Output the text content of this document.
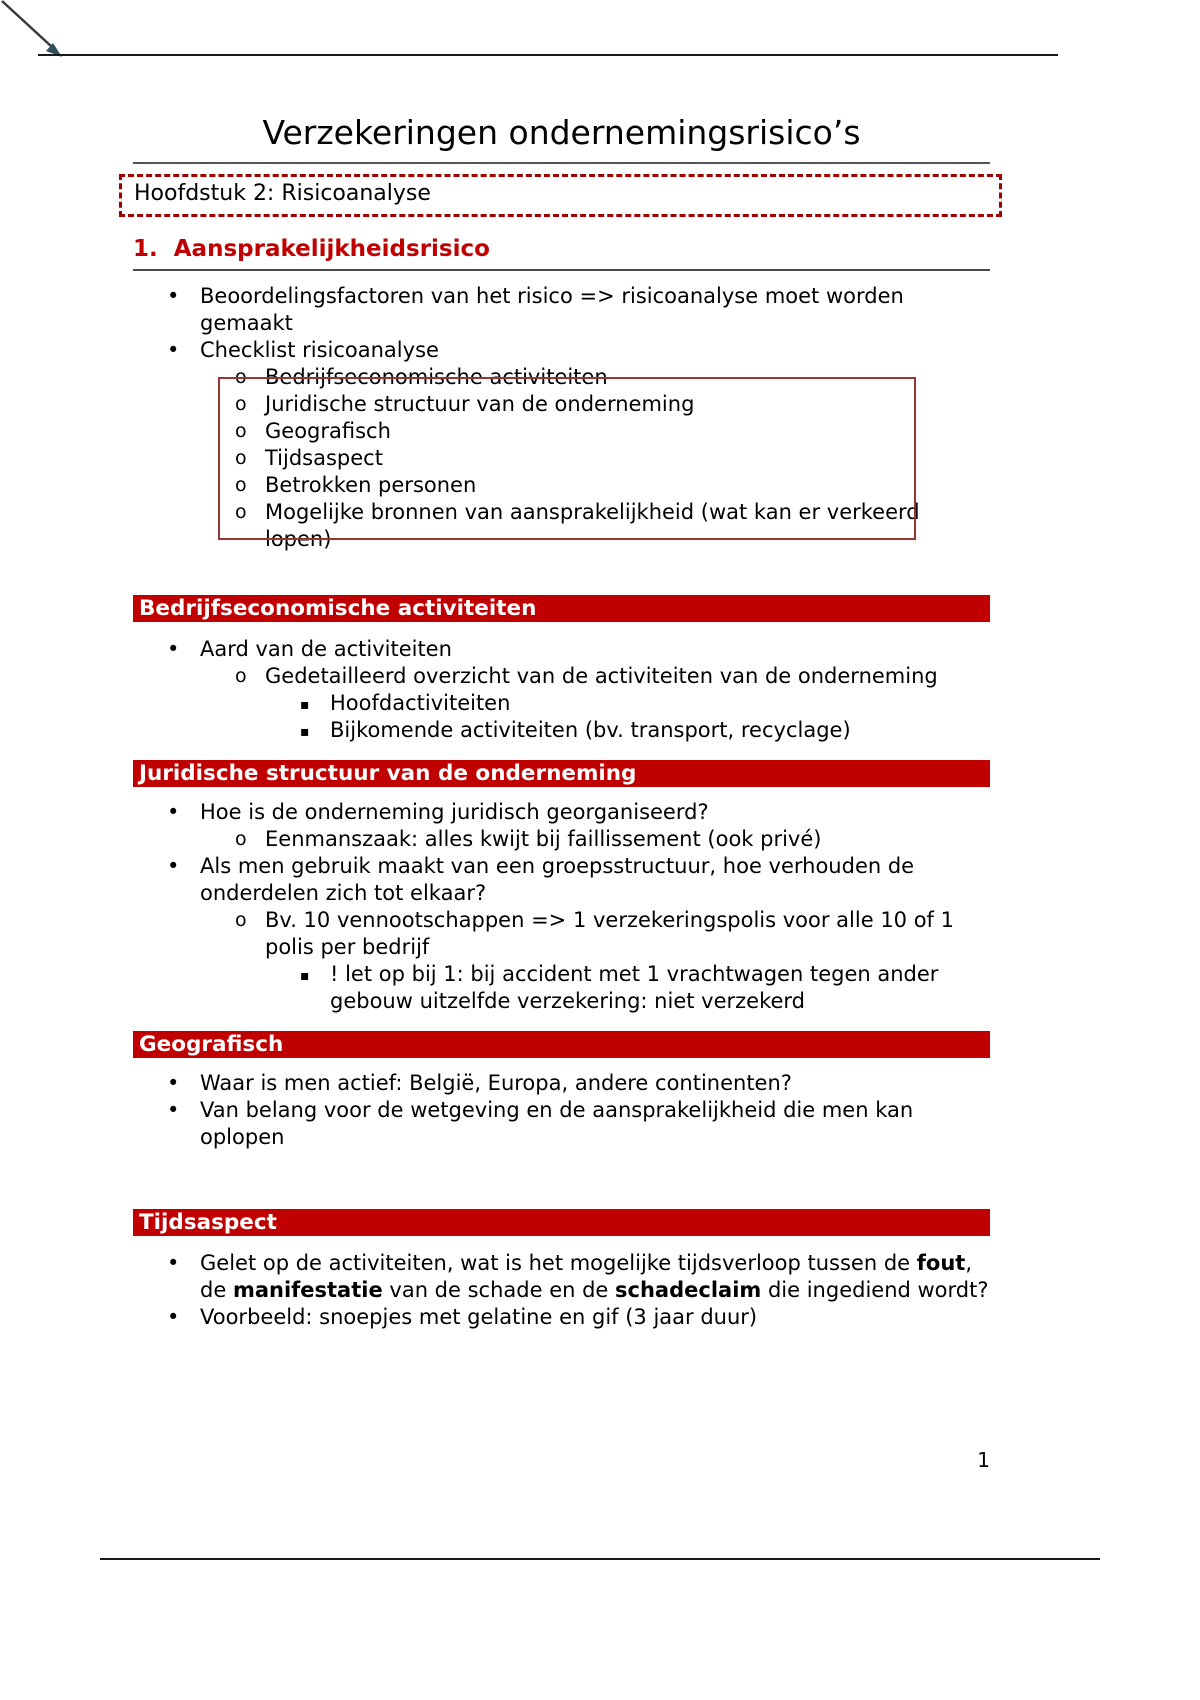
Verzekeringen ondernemingsrisico’s
Hoofdstuk 2: Risicoanalyse
1. Aansprakelijkheidsrisico
• Beoordelingsfactoren van het risico => risicoanalyse moet worden gemaakt
• Checklist risicoanalyse
o Bedrijfseconomische activiteiten
o Juridische structuur van de onderneming
o Geografisch
o Tijdsaspect
o Betrokken personen
o Mogelijke bronnen van aansprakelijkheid (wat kan er verkeerd lopen)
Bedrijfseconomische activiteiten
• Aard van de activiteiten
o Gedetailleerd overzicht van de activiteiten van de onderneming
▪ Hoofdactiviteiten
▪ Bijkomende activiteiten (bv. transport, recyclage)
Juridische structuur van de onderneming
• Hoe is de onderneming juridisch georganiseerd?
o Eenmanszaak: alles kwijt bij faillissement (ook privé)
• Als men gebruik maakt van een groepsstructuur, hoe verhouden de onderdelen zich tot elkaar?
o Bv. 10 vennootschappen => 1 verzekeringspolis voor alle 10 of 1 polis per bedrijf
▪ ! let op bij 1: bij accident met 1 vrachtwagen tegen ander gebouw uitzelfde verzekering: niet verzekerd
Geografisch
• Waar is men actief: België, Europa, andere continenten?
• Van belang voor de wetgeving en de aansprakelijkheid die men kan oplopen
Tijdsaspect
• Gelet op de activiteiten, wat is het mogelijke tijdsverloop tussen de fout, de manifestatie van de schade en de schadeclaim die ingediend wordt?
• Voorbeeld: snoepjes met gelatine en gif (3 jaar duur)
1
